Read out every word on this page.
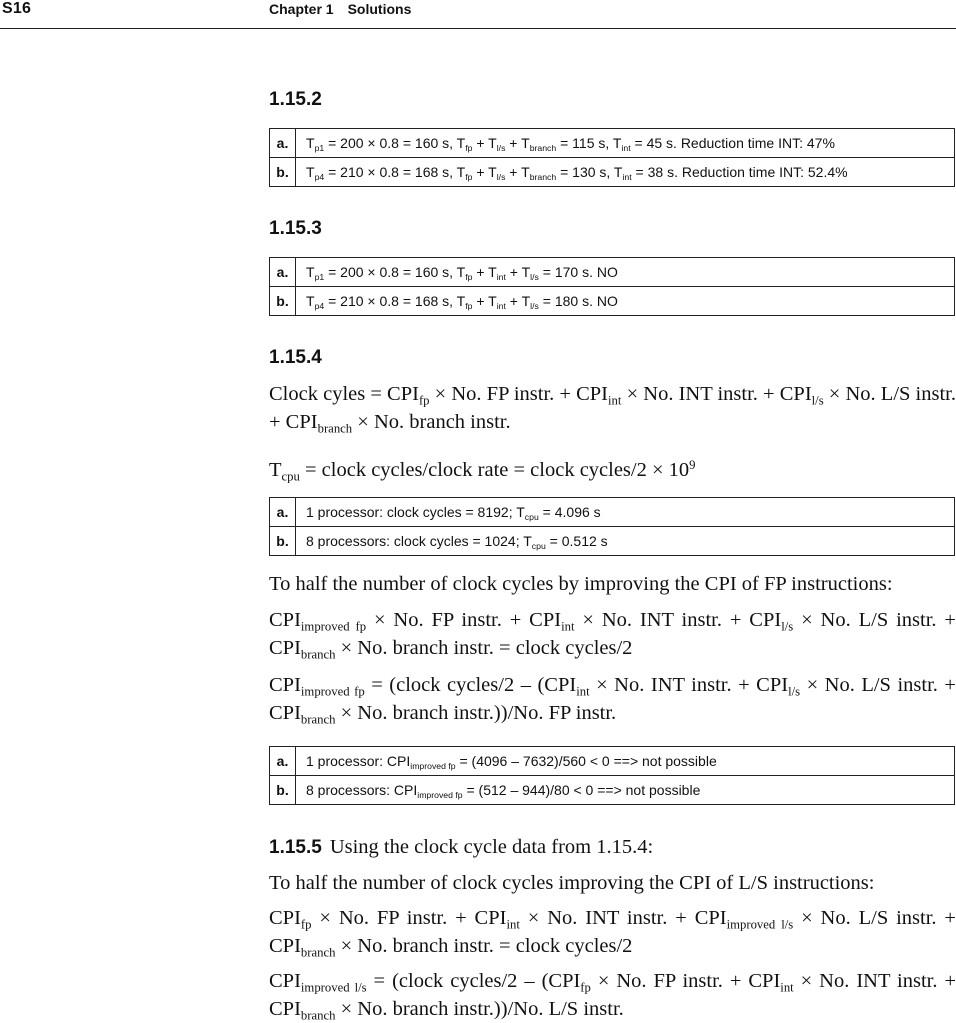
S16	Chapter 1 Solutions
1.15.2
a.	$T_{p1} = 200 \times 0.8 = 160$ s, $T_{fp} + T_{l/s} + T_{branch} = 115$ s, $T_{int} = 45$ s. Reduction time INT: 47%
b.	$T_{p4} = 210 \times 0.8 = 168$ s, $T_{fp} + T_{l/s} + T_{branch} = 130$ s, $T_{int} = 38$ s. Reduction time INT: 52.4%
1.15.3
a.	$T_{p1} = 200 \times 0.8 = 160$ s, $T_{fp} + T_{int} + T_{l/s} = 170$ s. NO
b.	$T_{p4} = 210 \times 0.8 = 168$ s, $T_{fp} + T_{int} + T_{l/s} = 180$ s. NO
1.15.4
Clock cyles = $CPI_{fp} \times No$. FP instr. + $CPI_{int} \times No$. INT instr. + $CPI_{l/s} \times No$. L/S instr. + $CPI_{branch} \times No$. branch instr.
$T_{cpu}$ = clock cycles/clock rate = clock cycles/2 × $10^9$
a.	1 processor: clock cycles = 8192; $T_{cpu} = 4.096$ s
b.	8 processors: clock cycles = 1024; $T_{cpu} = 0.512$ s
To half the number of clock cycles by improving the CPI of FP instructions:
$CPI_{improved fp} \times No$. FP instr. + $CPI_{int} \times No$. INT instr. + $CPI_{l/s} \times No$. L/S instr. + $CPI_{branch} \times No$. branch instr. = clock cycles/2
$CPI_{improved fp}$ = (clock cycles/2 – ($CPI_{int} \times No$. INT instr. + $CPI_{l/s} \times No$. L/S instr. + $CPI_{branch} \times No$. branch instr.))/No. FP instr.
a.	1 processor: $CPI_{improved fp} = (4096 - 7632)/560 < 0$ ==> not possible
b.	8 processors: $CPI_{improved fp} = (512 - 944)/80 < 0$ ==> not possible
1.15.5 Using the clock cycle data from 1.15.4:
To half the number of clock cycles improving the CPI of L/S instructions:
$CPI_{fp} \times No$. FP instr. + $CPI_{int} \times No$. INT instr. + $CPI_{improved l/s} \times No$. L/S instr. + $CPI_{branch} \times No$. branch instr. = clock cycles/2
$CPI_{improved l/s}$ = (clock cycles/2 – ($CPI_{fp} \times No$. FP instr. + $CPI_{int} \times No$. INT instr. + $CPI_{branch} \times No$. branch instr.))/No. L/S instr.
